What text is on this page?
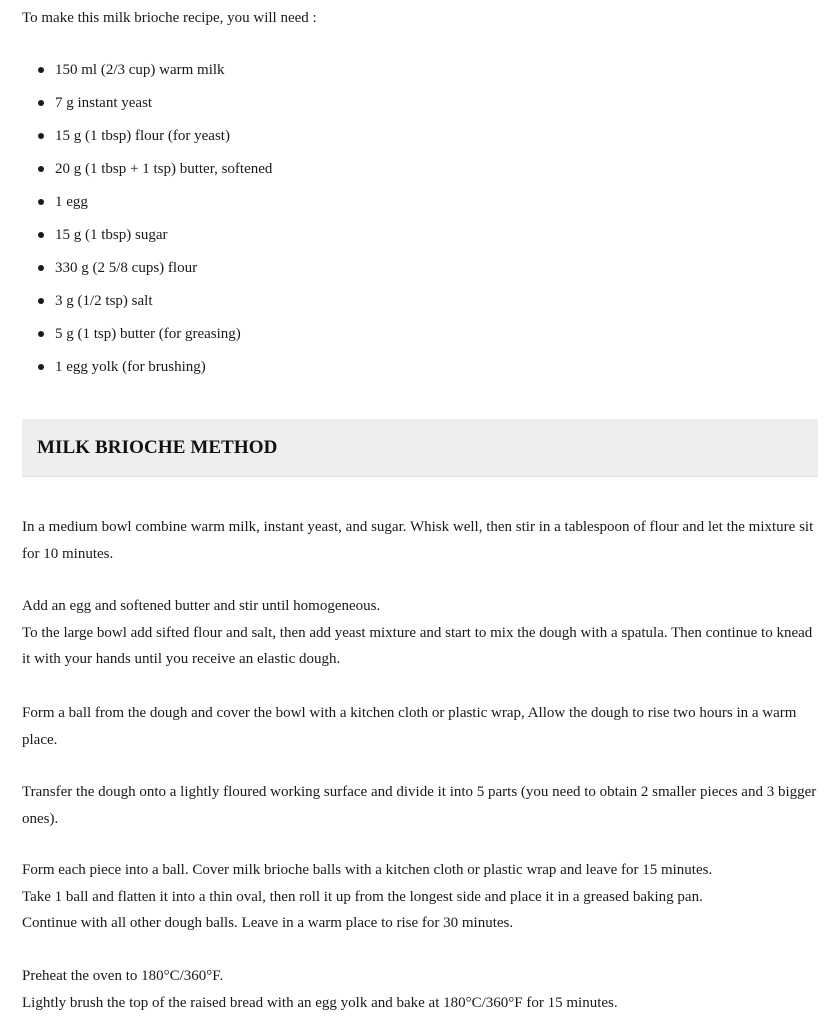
To make this milk brioche recipe, you will need :

150 ml (2/3 cup) warm milk
7 g instant yeast
15 g (1 tbsp) flour (for yeast)
20 g (1 tbsp + 1 tsp) butter, softened
1 egg
15 g (1 tbsp) sugar
330 g (2 5/8 cups) flour
3 g (1/2 tsp) salt
5 g (1 tsp) butter (for greasing)
1 egg yolk (for brushing)
MILK BRIOCHE METHOD

In a medium bowl combine warm milk, instant yeast, and sugar. Whisk well, then stir in a tablespoon of flour and let the mixture sit for 10 minutes.

Add an egg and softened butter and stir until homogeneous.
To the large bowl add sifted flour and salt, then add yeast mixture and start to mix the dough with a spatula. Then continue to knead it with your hands until you receive an elastic dough.

Form a ball from the dough and cover the bowl with a kitchen cloth or plastic wrap, Allow the dough to rise two hours in a warm place.

Transfer the dough onto a lightly floured working surface and divide it into 5 parts (you need to obtain 2 smaller pieces and 3 bigger ones).

Form each piece into a ball. Cover milk brioche balls with a kitchen cloth or plastic wrap and leave for 15 minutes.
Take 1 ball and flatten it into a thin oval, then roll it up from the longest side and place it in a greased baking pan.
Continue with all other dough balls. Leave in a warm place to rise for 30 minutes.

Preheat the oven to 180°C/360°F.
Lightly brush the top of the raised bread with an egg yolk and bake at 180°C/360°F for 15 minutes.
